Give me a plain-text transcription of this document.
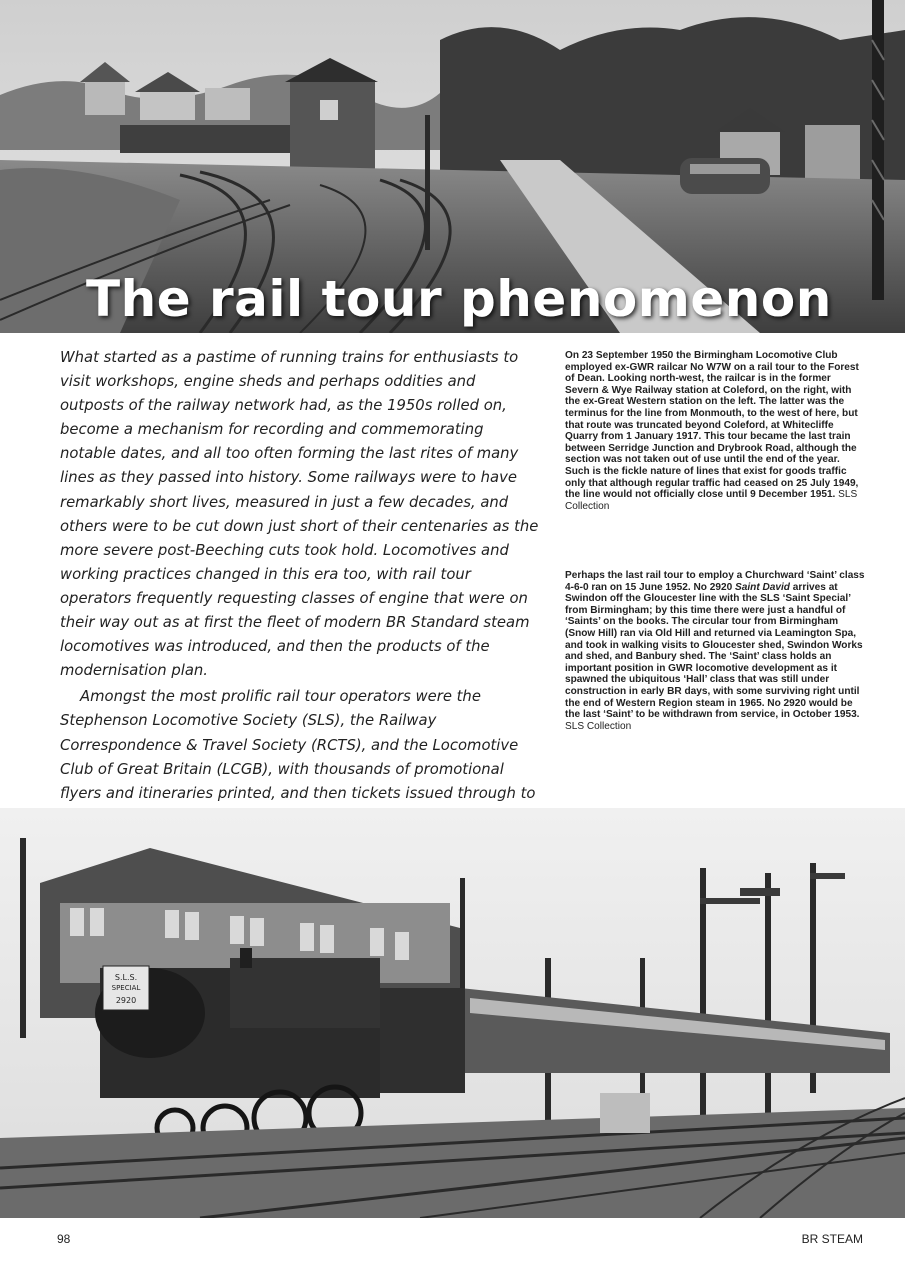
The rail tour phenomenon

What started as a pastime of running trains for enthusiasts to visit workshops, engine sheds and perhaps oddities and outposts of the railway network had, as the 1950s rolled on, become a mechanism for recording and commemorating notable dates, and all too often forming the last rites of many lines as they passed into history. Some railways were to have remarkably short lives, measured in just a few decades, and others were to be cut down just short of their centenaries as the more severe post-Beeching cuts took hold. Locomotives and working practices changed in this era too, with rail tour operators frequently requesting classes of engine that were on their way out as at first the fleet of modern BR Standard steam locomotives was introduced, and then the products of the modernisation plan.

Amongst the most prolific rail tour operators were the Stephenson Locomotive Society (SLS), the Railway Correspondence & Travel Society (RCTS), and the Locomotive Club of Great Britain (LCGB), with thousands of promotional flyers and itineraries printed, and then tickets issued through to

On 23 September 1950 the Birmingham Locomotive Club employed ex-GWR railcar No W7W on a rail tour to the Forest of Dean. Looking north-west, the railcar is in the former Severn & Wye Railway station at Coleford, on the right, with the ex-Great Western station on the left. The latter was the terminus for the line from Monmouth, to the west of here, but that route was truncated beyond Coleford, at Whitecliffe Quarry from 1 January 1917. This tour became the last train between Serridge Junction and Drybrook Road, although the section was not taken out of use until the end of the year. Such is the fickle nature of lines that exist for goods traffic only that although regular traffic had ceased on 25 July 1949, the line would not officially close until 9 December 1951. SLS Collection
Perhaps the last rail tour to employ a Churchward ‘Saint’ class 4-6-0 ran on 15 June 1952. No 2920 Saint David arrives at Swindon off the Gloucester line with the SLS ‘Saint Special’ from Birmingham; by this time there were just a handful of ‘Saints’ on the books. The circular tour from Birmingham (Snow Hill) ran via Old Hill and returned via Leamington Spa, and took in walking visits to Gloucester shed, Swindon Works and shed, and Banbury shed. The ‘Saint’ class holds an important position in GWR locomotive development as it spawned the ubiquitous ‘Hall’ class that was still under construction in early BR days, with some surviving right until the end of Western Region steam in 1965. No 2920 would be the last ‘Saint’ to be withdrawn from service, in October 1953.
SLS Collection
S.L.S.
SPECIAL
2920
98	BR STEAM
